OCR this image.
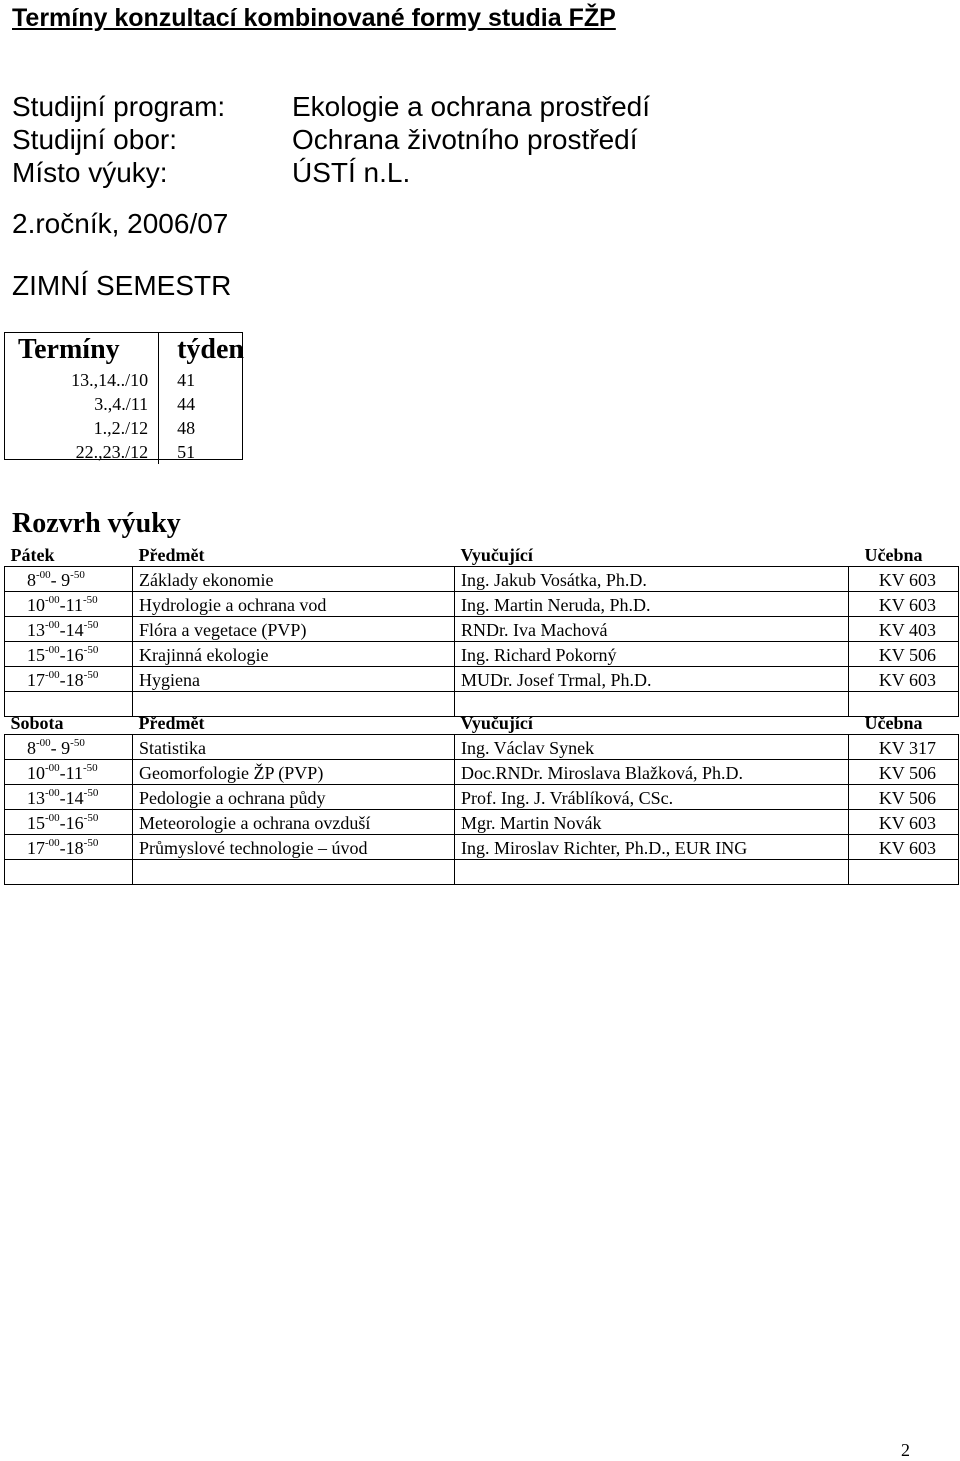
Termíny konzultací kombinované formy studia FŽP
Studijní program:	Ekologie a ochrana prostředí
Studijní obor:	Ochrana životního prostředí
Místo výuky:	ÚSTÍ n.L.
2.ročník, 2006/07
ZIMNÍ SEMESTR
Termíny	týden
13.,14../10	41
3.,4./11	44
1.,2./12	48
22.,23./12	51
Rozvrh výuky
Pátek	Předmět	Vyučující	Učebna
$8^{-00}-$ $9^{-50}$	Základy ekonomie	Ing. Jakub Vosátka, Ph.D.	KV 603
$10^{-00}-11^{-50}$	Hydrologie a ochrana vod	Ing. Martin Neruda, Ph.D.	KV 603
$13^{-00}-14^{-50}$	Flóra a vegetace (PVP)	RNDr. Iva Machová	KV 403
$15^{-00}-16^{-50}$	Krajinná ekologie	Ing. Richard Pokorný	KV 506
$17^{-00}-18^{-50}$	Hygiena	MUDr. Josef Trmal, Ph.D.	KV 603

Sobota	Předmět	Vyučující	Učebna
$8^{-00}-$ $9^{-50}$	Statistika	Ing. Václav Synek	KV 317
$10^{-00}-11^{-50}$	Geomorfologie ŽP (PVP)	Doc.RNDr. Miroslava Blažková, Ph.D.	KV 506
$13^{-00}-14^{-50}$	Pedologie a ochrana půdy	Prof. Ing. J. Vráblíková, CSc.	KV 506
$15^{-00}-16^{-50}$	Meteorologie a ochrana ovzduší	Mgr. Martin Novák	KV 603
$17^{-00}-18^{-50}$	Průmyslové technologie – úvod	Ing. Miroslav Richter, Ph.D., EUR ING	KV 603

2
